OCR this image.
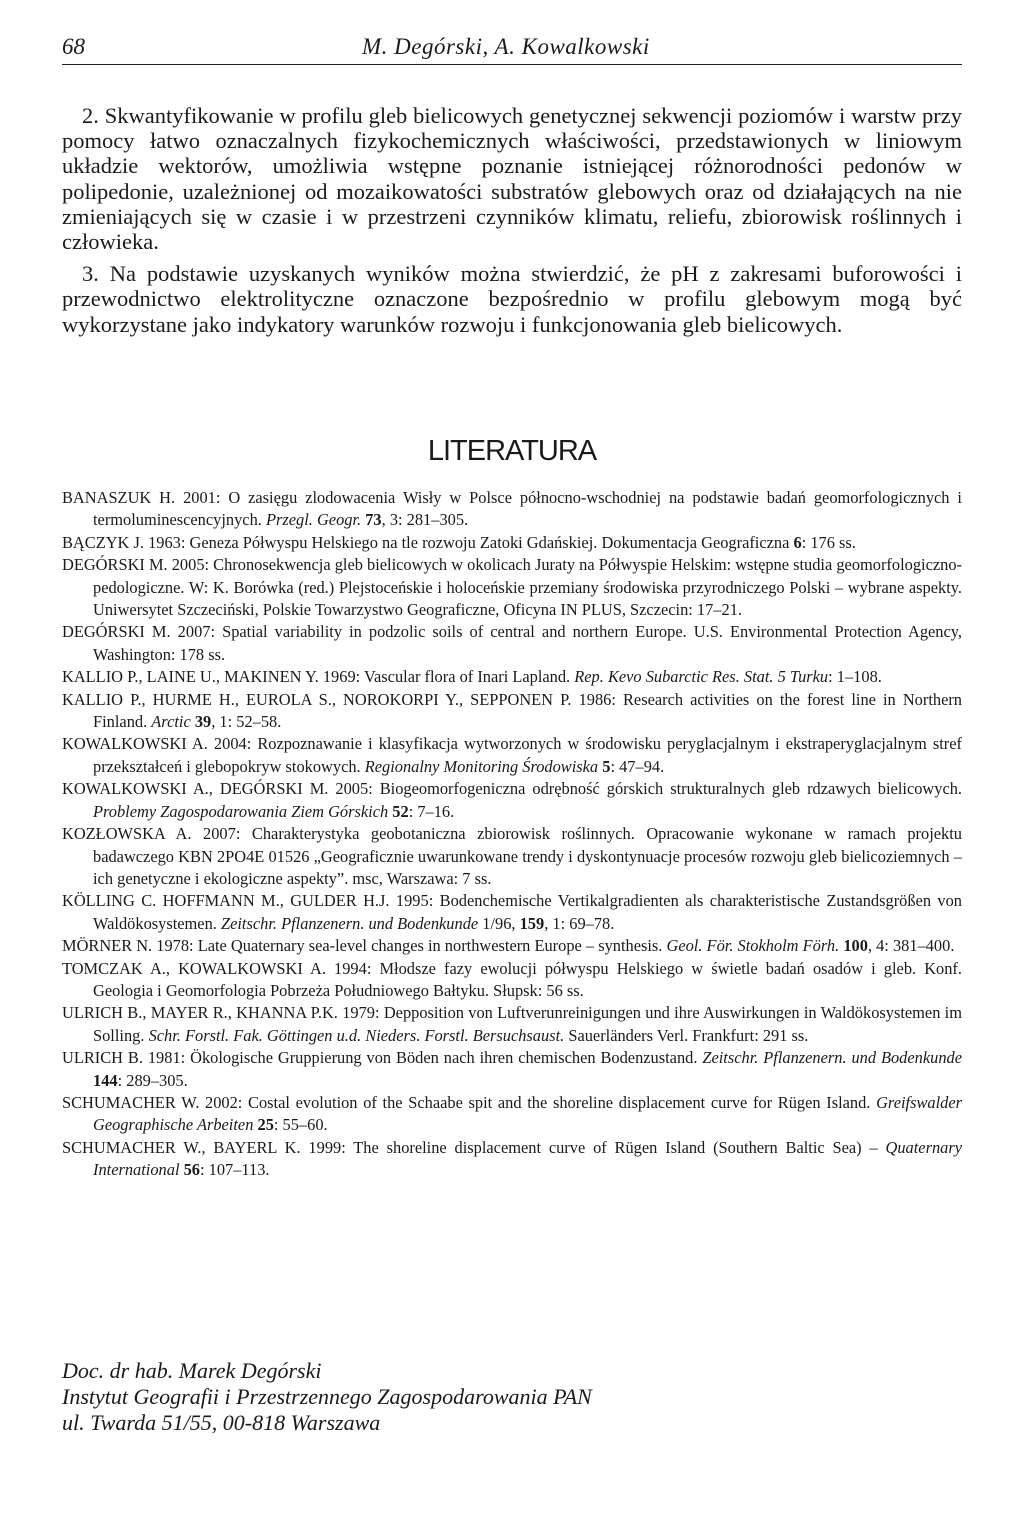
68	M. Degórski, A. Kowalkowski

2. Skwantyfikowanie w profilu gleb bielicowych genetycznej sekwencji poziomów i warstw przy pomocy łatwo oznaczalnych fizykochemicznych właściwości, przedstawionych w liniowym układzie wektorów, umożliwia wstępne poznanie istniejącej różnorodności pedonów w polipedonie, uzależnionej od mozaikowatości substratów glebowych oraz od działających na nie zmieniających się w czasie i w przestrzeni czynników klimatu, reliefu, zbiorowisk roślinnych i człowieka.

3. Na podstawie uzyskanych wyników można stwierdzić, że pH z zakresami buforowości i przewodnictwo elektrolityczne oznaczone bezpośrednio w profilu glebowym mogą być wykorzystane jako indykatory warunków rozwoju i funkcjonowania gleb bielicowych.

LITERATURA

BANASZUK H. 2001: O zasięgu zlodowacenia Wisły w Polsce północno-wschodniej na podstawie badań geomorfologicznych i termoluminescencyjnych. Przegl. Geogr. 73, 3: 281–305.

BĄCZYK J. 1963: Geneza Półwyspu Helskiego na tle rozwoju Zatoki Gdańskiej. Dokumentacja Geograficzna 6: 176 ss.

DEGÓRSKI M. 2005: Chronosekwencja gleb bielicowych w okolicach Juraty na Półwyspie Helskim: wstępne studia geomorfologiczno-pedologiczne. W: K. Borówka (red.) Plejstoceńskie i holoceńskie przemiany środowiska przyrodniczego Polski – wybrane aspekty. Uniwersytet Szczeciński, Polskie Towarzystwo Geograficzne, Oficyna IN PLUS, Szczecin: 17–21.

DEGÓRSKI M. 2007: Spatial variability in podzolic soils of central and northern Europe. U.S. Environmental Protection Agency, Washington: 178 ss.

KALLIO P., LAINE U., MAKINEN Y. 1969: Vascular flora of Inari Lapland. Rep. Kevo Subarctic Res. Stat. 5 Turku: 1–108.

KALLIO P., HURME H., EUROLA S., NOROKORPI Y., SEPPONEN P. 1986: Research activities on the forest line in Northern Finland. Arctic 39, 1: 52–58.

KOWALKOWSKI A. 2004: Rozpoznawanie i klasyfikacja wytworzonych w środowisku peryglacjalnym i ekstraperyglacjalnym stref przekształceń i glebopokryw stokowych. Regionalny Monitoring Środowiska 5: 47–94.

KOWALKOWSKI A., DEGÓRSKI M. 2005: Biogeomorfogeniczna odrębność górskich strukturalnych gleb rdzawych bielicowych. Problemy Zagospodarowania Ziem Górskich 52: 7–16.

KOZŁOWSKA A. 2007: Charakterystyka geobotaniczna zbiorowisk roślinnych. Opracowanie wykonane w ramach projektu badawczego KBN 2PO4E 01526 „Geograficznie uwarunkowane trendy i dyskontynuacje procesów rozwoju gleb bielicoziemnych – ich genetyczne i ekologiczne aspekty”. msc, Warszawa: 7 ss.

KÖLLING C. HOFFMANN M., GULDER H.J. 1995: Bodenchemische Vertikalgradienten als charakteristische Zustandsgrößen von Waldökosystemen. Zeitschr. Pflanzenern. und Bodenkunde 1/96, 159, 1: 69–78.

MÖRNER N. 1978: Late Quaternary sea-level changes in northwestern Europe – synthesis. Geol. För. Stokholm Förh. 100, 4: 381–400.

TOMCZAK A., KOWALKOWSKI A. 1994: Młodsze fazy ewolucji półwyspu Helskiego w świetle badań osadów i gleb. Konf. Geologia i Geomorfologia Pobrzeża Południowego Bałtyku. Słupsk: 56 ss.

ULRICH B., MAYER R., KHANNA P.K. 1979: Depposition von Luftverunreinigungen und ihre Auswirkungen in Waldökosystemen im Solling. Schr. Forstl. Fak. Göttingen u.d. Nieders. Forstl. Bersuchsaust. Sauerländers Verl. Frankfurt: 291 ss.

ULRICH B. 1981: Ökologische Gruppierung von Böden nach ihren chemischen Bodenzustand. Zeitschr. Pflanzenern. und Bodenkunde 144: 289–305.

SCHUMACHER W. 2002: Costal evolution of the Schaabe spit and the shoreline displacement curve for Rügen Island. Greifswalder Geographische Arbeiten 25: 55–60.

SCHUMACHER W., BAYERL K. 1999: The shoreline displacement curve of Rügen Island (Southern Baltic Sea) – Quaternary International 56: 107–113.

Doc. dr hab. Marek Degórski
Instytut Geografii i Przestrzennego Zagospodarowania PAN
ul. Twarda 51/55, 00-818 Warszawa
